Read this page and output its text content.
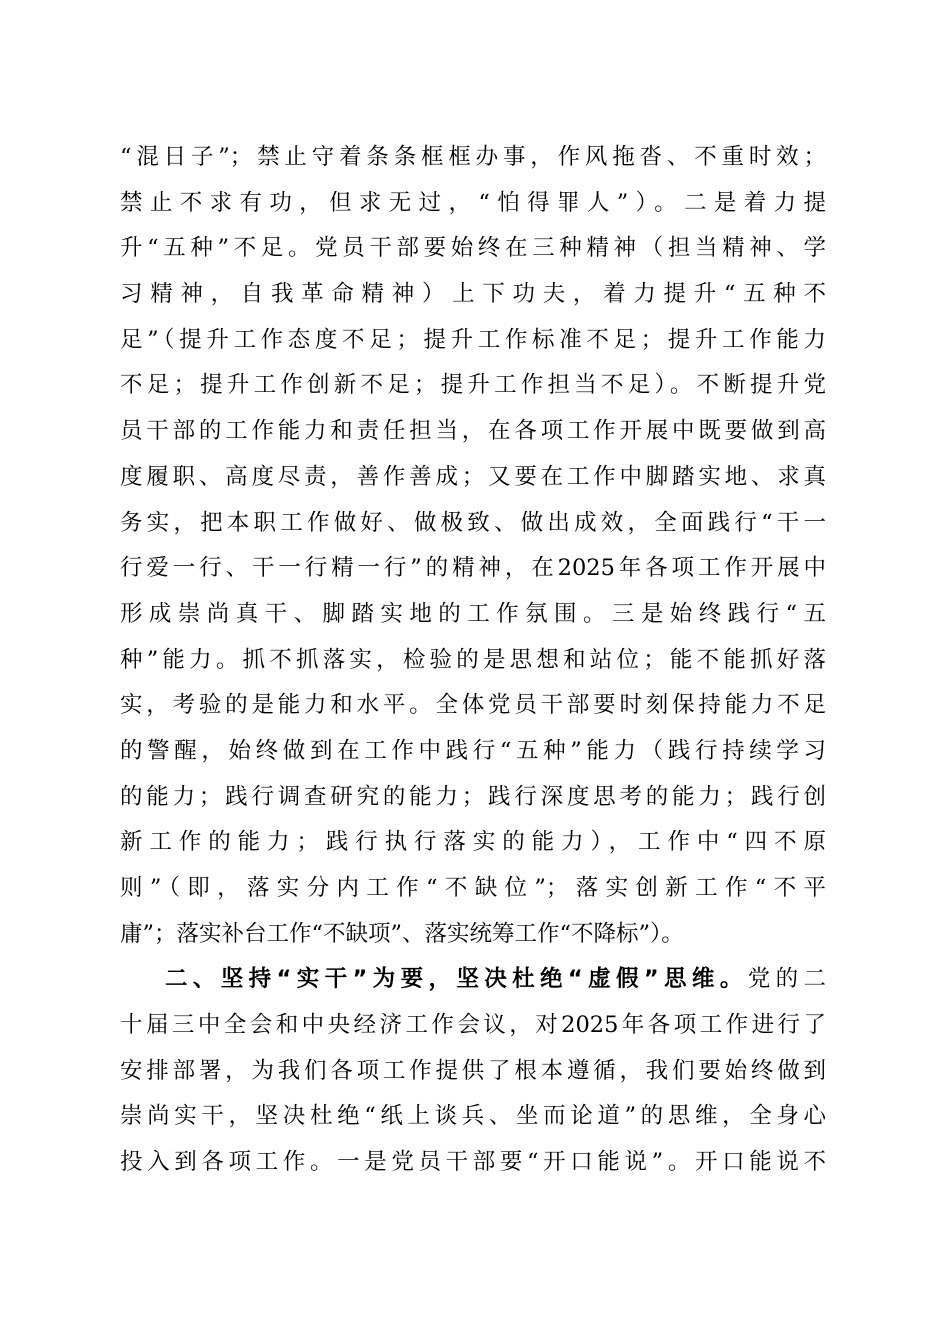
“混日子”；禁止守着条条框框办事，作风拖沓、不重时效；
禁止不求有功，但求无过，“怕得罪人”）。二是着力提
升“五种”不足。党员干部要始终在三种精神（担当精神、学
习精神，自我革命精神）上下功夫，着力提升“五种不
足”（提升工作态度不足；提升工作标准不足；提升工作能力
不足；提升工作创新不足；提升工作担当不足）。不断提升党
员干部的工作能力和责任担当，在各项工作开展中既要做到高
度履职、高度尽责，善作善成；又要在工作中脚踏实地、求真
务实，把本职工作做好、做极致、做出成效，全面践行“干一
行爱一行、干一行精一行”的精神，在2025年各项工作开展中
形成崇尚真干、脚踏实地的工作氛围。三是始终践行“五
种”能力。抓不抓落实，检验的是思想和站位；能不能抓好落
实，考验的是能力和水平。全体党员干部要时刻保持能力不足
的警醒，始终做到在工作中践行“五种”能力（践行持续学习
的能力；践行调查研究的能力；践行深度思考的能力；践行创
新工作的能力；践行执行落实的能力），工作中“四不原
则”（即，落实分内工作“不缺位”；落实创新工作“不平
庸”；落实补台工作“不缺项”、落实统筹工作“不降标”）。
二、坚持“实干”为要，坚决杜绝“虚假”思维。党的二
十届三中全会和中央经济工作会议，对2025年各项工作进行了
安排部署，为我们各项工作提供了根本遵循，我们要始终做到
崇尚实干，坚决杜绝“纸上谈兵、坐而论道”的思维，全身心
投入到各项工作。一是党员干部要“开口能说”。开口能说不
